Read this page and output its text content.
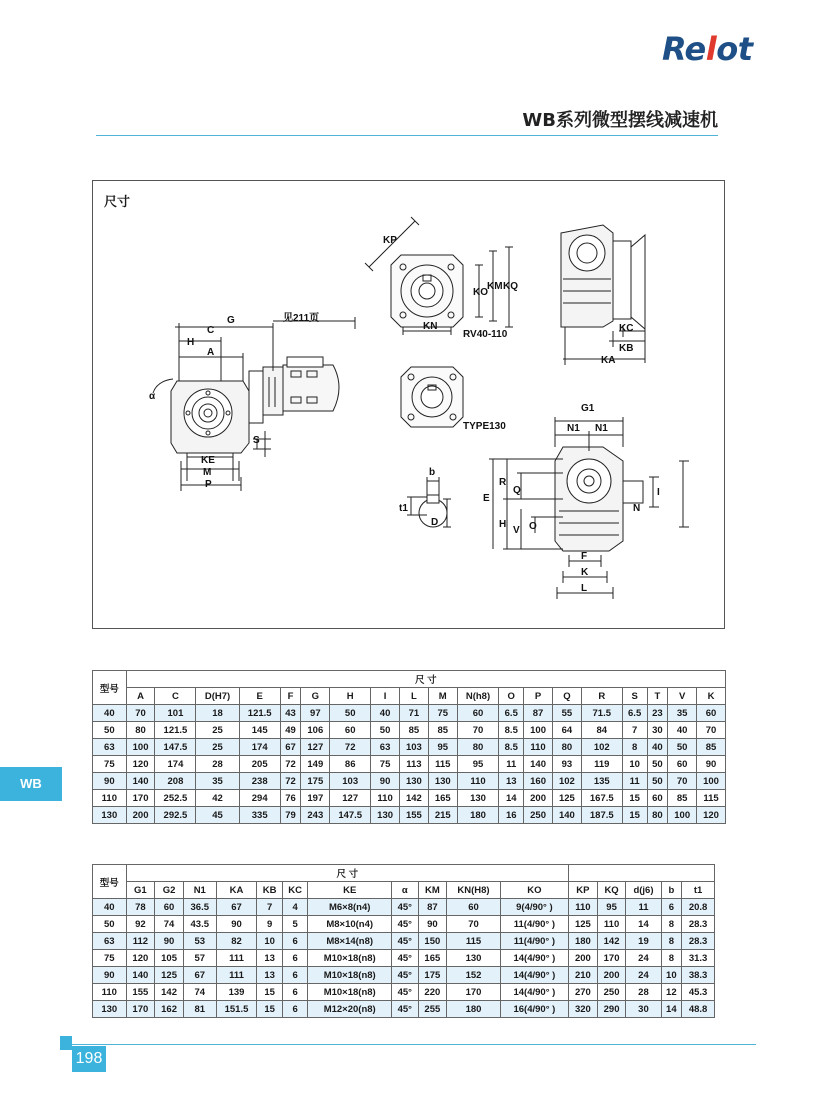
Relot
WB系列微型摆线减速机
尺寸
G	见211页
C
H
A
α
S
KE
M
P
KP
KO
KM KQ
KN
RV40-110
KC
KB
KA
TYPE130
G1
N1 N1
b
t1
D
E
R
Q
H
V O
I
N
F
K
L
WB
型号	尺 寸																		
	A	C	D(H7)	E	F	G	H	I	L	M	N(h8)	O	P	Q	R	S	T	V	K
40	70	101	18	121.5	43	97	50	40	71	75	60	6.5	87	55	71.5	6.5	23	35	60
50	80	121.5	25	145	49	106	60	50	85	85	70	8.5	100	64	84	7	30	40	70
63	100	147.5	25	174	67	127	72	63	103	95	80	8.5	110	80	102	8	40	50	85
75	120	174	28	205	72	149	86	75	113	115	95	11	140	93	119	10	50	60	90
90	140	208	35	238	72	175	103	90	130	130	110	13	160	102	135	11	50	70	100
110	170	252.5	42	294	76	197	127	110	142	165	130	14	200	125	167.5	15	60	85	115
130	200	292.5	45	335	79	243	147.5	130	155	215	180	16	250	140	187.5	15	80	100	120
型号	尺 寸															
	G1	G2	N1	KA	KB	KC	KE	α	KM	KN(H8)	KO	KP	KQ	d(j6)	b	t1
40	78	60	36.5	67	7	4	M6×8(n4)	45°	87	60	9(4/90° )	110	95	11	6	20.8
50	92	74	43.5	90	9	5	M8×10(n4)	45°	90	70	11(4/90° )	125	110	14	8	28.3
63	112	90	53	82	10	6	M8×14(n8)	45°	150	115	11(4/90° )	180	142	19	8	28.3
75	120	105	57	111	13	6	M10×18(n8)	45°	165	130	14(4/90° )	200	170	24	8	31.3
90	140	125	67	111	13	6	M10×18(n8)	45°	175	152	14(4/90° )	210	200	24	10	38.3
110	155	142	74	139	15	6	M10×18(n8)	45°	220	170	14(4/90° )	270	250	28	12	45.3
130	170	162	81	151.5	15	6	M12×20(n8)	45°	255	180	16(4/90° )	320	290	30	14	48.8
198
